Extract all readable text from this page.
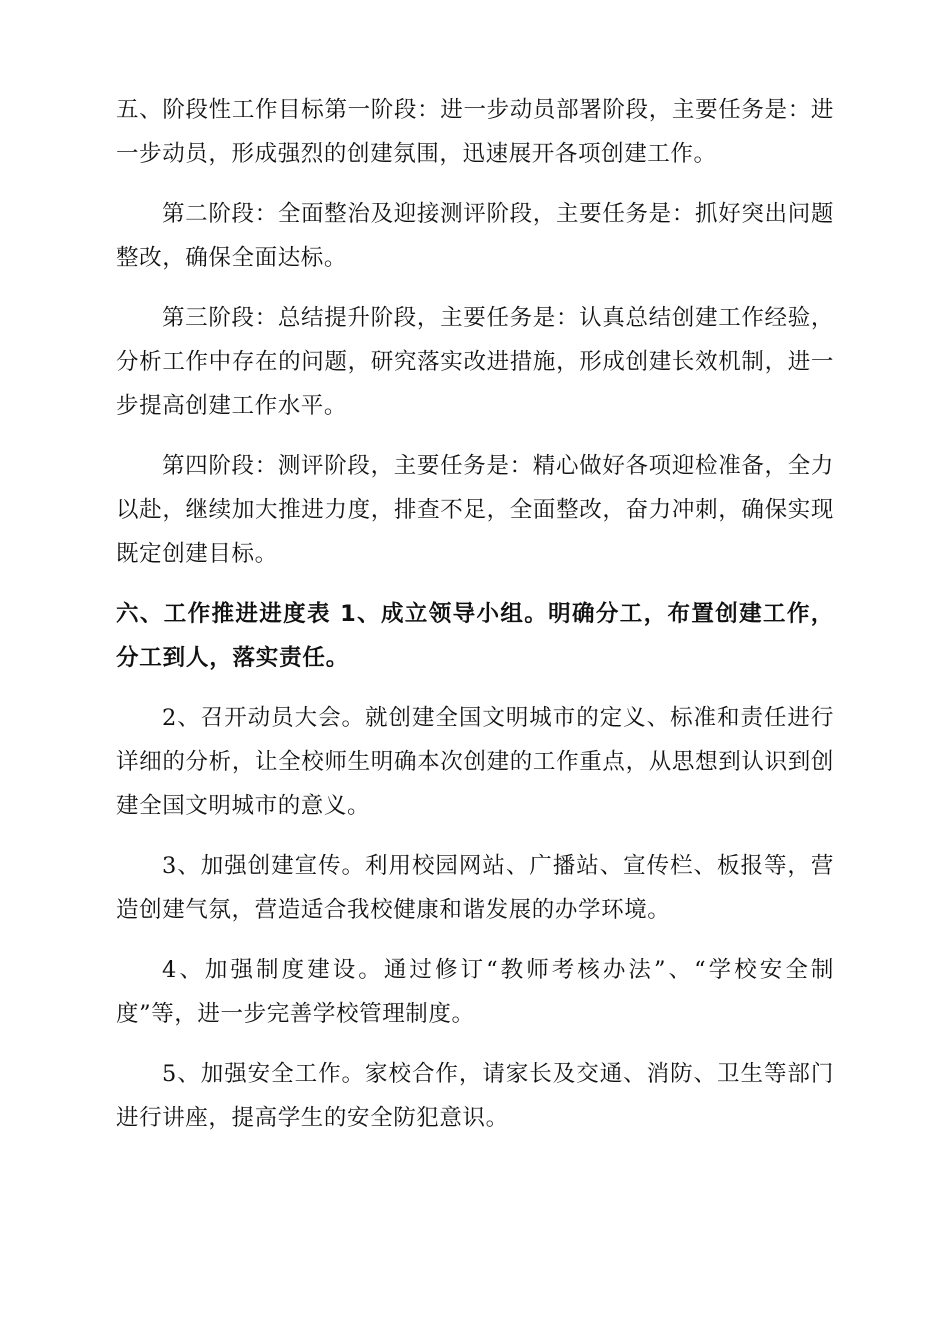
五、阶段性工作目标第一阶段：进一步动员部署阶段，主要任务是：进一步动员，形成强烈的创建氛围，迅速展开各项创建工作。

第二阶段：全面整治及迎接测评阶段，主要任务是：抓好突出问题整改，确保全面达标。

第三阶段：总结提升阶段，主要任务是：认真总结创建工作经验，分析工作中存在的问题，研究落实改进措施，形成创建长效机制，进一步提高创建工作水平。

第四阶段：测评阶段，主要任务是：精心做好各项迎检准备，全力以赴，继续加大推进力度，排查不足，全面整改，奋力冲刺，确保实现既定创建目标。

六、工作推进进度表 1、成立领导小组。明确分工，布置创建工作，分工到人，落实责任。

2、召开动员大会。就创建全国文明城市的定义、标准和责任进行详细的分析，让全校师生明确本次创建的工作重点，从思想到认识到创建全国文明城市的意义。

3、加强创建宣传。利用校园网站、广播站、宣传栏、板报等，营造创建气氛，营造适合我校健康和谐发展的办学环境。

4、加强制度建设。通过修订“教师考核办法”、“学校安全制度”等，进一步完善学校管理制度。

5、加强安全工作。家校合作，请家长及交通、消防、卫生等部门进行讲座，提高学生的安全防犯意识。
